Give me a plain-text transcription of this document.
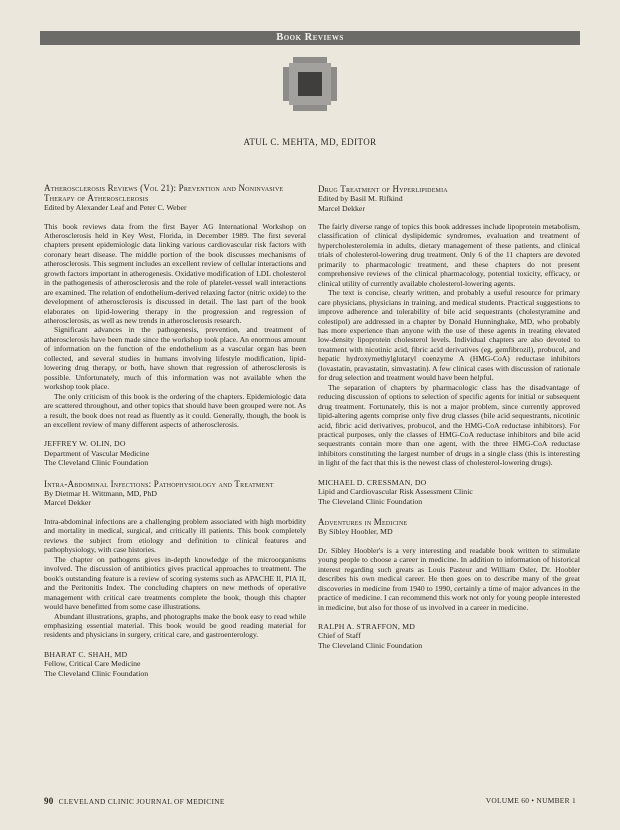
Book Reviews
ATUL C. MEHTA, MD, EDITOR
Atherosclerosis Reviews (Vol 21): Prevention and Noninvasive Therapy of Atherosclerosis

Edited by Alexander Leaf and Peter C. Weber

This book reviews data from the first Bayer AG International Workshop on Atherosclerosis held in Key West, Florida, in December 1989. The first several chapters present epidemiologic data linking various cardiovascular risk factors with coronary heart disease. The middle portion of the book discusses mechanisms of atherosclerosis. This segment includes an excellent review of cellular interactions and growth factors important in atherogenesis. Oxidative modification of LDL cholesterol in the pathogenesis of atherosclerosis and the role of platelet-vessel wall interactions are examined. The relation of endothelium-derived relaxing factor (nitric oxide) to the development of atherosclerosis is discussed in detail. The last part of the book elaborates on lipid-lowering therapy in the progression and regression of atherosclerosis, as well as new trends in atherosclerosis research.

Significant advances in the pathogenesis, prevention, and treatment of atherosclerosis have been made since the workshop took place. An enormous amount of information on the function of the endothelium as a vascular organ has been collected, and several studies in humans involving lifestyle modification, lipid-lowering drug therapy, or both, have shown that regression of atherosclerosis is possible. Unfortunately, much of this information was not available when the workshop took place.

The only criticism of this book is the ordering of the chapters. Epidemiologic data are scattered throughout, and other topics that should have been grouped were not. As a result, the book does not read as fluently as it could. Generally, though, the book is an excellent review of many different aspects of atherosclerosis.

JEFFREY W. OLIN, DO
Department of Vascular Medicine
The Cleveland Clinic Foundation
Intra-Abdominal Infections: Pathophysiology and Treatment

By Dietmar H. Wittmann, MD, PhD

Marcel Dekker

Intra-abdominal infections are a challenging problem associated with high morbidity and mortality in medical, surgical, and critically ill patients. This book completely reviews the subject from etiology and definition to clinical features and pathophysiology, with case histories.

The chapter on pathogens gives in-depth knowledge of the microorganisms involved. The discussion of antibiotics gives practical approaches to treatment. The book's outstanding feature is a review of scoring systems such as APACHE II, PIA II, and the Peritonitis Index. The concluding chapters on new methods of operative management with critical care treatments complete the book, though this chapter would have benefitted from some case illustrations.

Abundant illustrations, graphs, and photographs make the book easy to read while emphasizing essential material. This book would be good reading material for residents and physicians in surgery, critical care, and gastroenterology.

BHARAT C. SHAH, MD
Fellow, Critical Care Medicine
The Cleveland Clinic Foundation
Drug Treatment of Hyperlipidemia

Edited by Basil M. Rifkind

Marcel Dekker

The fairly diverse range of topics this book addresses include lipoprotein metabolism, classification of clinical dyslipidemic syndromes, evaluation and treatment of hypercholesterolemia in adults, dietary management of these patients, and clinical trials of cholesterol-lowering drug treatment. Only 6 of the 11 chapters are devoted primarily to pharmacologic treatment, and these chapters do not present comprehensive reviews of the clinical pharmacology, potential toxicity, efficacy, or clinical utility of currently available cholesterol-lowering agents.

The text is concise, clearly written, and probably a useful resource for primary care physicians, physicians in training, and medical students. Practical suggestions to improve adherence and tolerability of bile acid sequestrants (cholestyramine and colestipol) are addressed in a chapter by Donald Hunninghake, MD, who probably has more experience than anyone with the use of these agents in treating elevated low-density lipoprotein cholesterol levels. Individual chapters are also devoted to treatment with nicotinic acid, fibric acid derivatives (eg, gemfibrozil), probucol, and hepatic hydroxymethylglutaryl coenzyme A (HMG-CoA) reductase inhibitors (lovastatin, pravastatin, simvastatin). A few clinical cases with discussion of rationale for drug selection and treatment would have been helpful.

The separation of chapters by pharmacologic class has the disadvantage of reducing discussion of options to selection of specific agents for initial or subsequent drug treatment. Fortunately, this is not a major problem, since currently approved lipid-altering agents comprise only five drug classes (bile acid sequestrants, nicotinic acid, fibric acid derivatives, probucol, and the HMG-CoA reductase inhibitors). For practical purposes, only the classes of HMG-CoA reductase inhibitors and bile acid sequestrants contain more than one agent, with the three HMG-CoA reductase inhibitors constituting the largest number of drugs in a single class (this is interesting in light of the fact that this is the newest class of cholesterol-lowering drugs).

MICHAEL D. CRESSMAN, DO
Lipid and Cardiovascular Risk Assessment Clinic
The Cleveland Clinic Foundation
Adventures in Medicine

By Sibley Hoobler, MD

Dr. Sibley Hoobler's is a very interesting and readable book written to stimulate young people to choose a career in medicine. In addition to information of historical interest regarding such greats as Louis Pasteur and William Osler, Dr. Hoobler describes his own medical career. He then goes on to describe many of the great discoveries in medicine from 1940 to 1990, certainly a time of major advances in the practice of medicine. I can recommend this work not only for young people interested in medicine, but also for those of us involved in a career in medicine.

RALPH A. STRAFFON, MD
Chief of Staff
The Cleveland Clinic Foundation
90 CLEVELAND CLINIC JOURNAL OF MEDICINE	VOLUME 60 • NUMBER 1
